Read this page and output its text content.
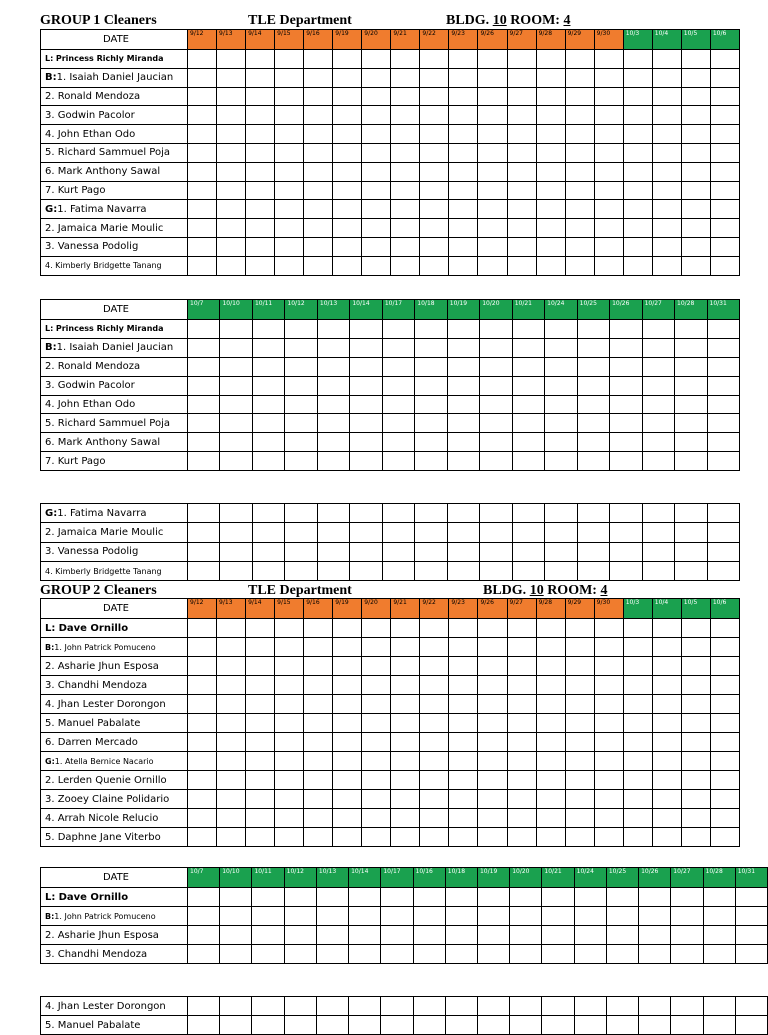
GROUP 1 Cleaners	TLE Department	BLDG. 10 ROOM: 4
DATE	9/12	9/13	9/14	9/15	9/16	9/19	9/20	9/21	9/22	9/23	9/26	9/27	9/28	9/29	9/30	10/3	10/4	10/5	10/6
L: Princess Richly Miranda																			
B:1. Isaiah Daniel Jaucian																			
2. Ronald Mendoza																			
3. Godwin Pacolor																			
4. John Ethan Odo																			
5. Richard Sammuel Poja																			
6. Mark Anthony Sawal																			
7. Kurt Pago																			
G:1. Fatima Navarra																			
2. Jamaica Marie Moulic																			
3. Vanessa Podolig																			
4. Kimberly Bridgette Tanang																			
DATE	10/7	10/10	10/11	10/12	10/13	10/14	10/17	10/18	10/19	10/20	10/21	10/24	10/25	10/26	10/27	10/28	10/31
L: Princess Richly Miranda																	
B:1. Isaiah Daniel Jaucian																	
2. Ronald Mendoza																	
3. Godwin Pacolor																	
4. John Ethan Odo																	
5. Richard Sammuel Poja																	
6. Mark Anthony Sawal																	
7. Kurt Pago																	
G:1. Fatima Navarra																	
2. Jamaica Marie Moulic																	
3. Vanessa Podolig																	
4. Kimberly Bridgette Tanang																	
GROUP 2 Cleaners	TLE Department	BLDG. 10 ROOM: 4
DATE	9/12	9/13	9/14	9/15	9/16	9/19	9/20	9/21	9/22	9/23	9/26	9/27	9/28	9/29	9/30	10/3	10/4	10/5	10/6
L: Dave Ornillo																			
B:1. John Patrick Pomuceno																			
2. Asharie Jhun Esposa																			
3. Chandhi Mendoza																			
4. Jhan Lester Dorongon																			
5. Manuel Pabalate																			
6. Darren Mercado																			
G:1. Atella Bernice Nacario																			
2. Lerden Quenie Ornillo																			
3. Zooey Claine Polidario																			
4. Arrah Nicole Relucio																			
5. Daphne Jane Viterbo																			
DATE	10/7	10/10	10/11	10/12	10/13	10/14	10/17	10/16	10/18	10/19	10/20	10/21	10/24	10/25	10/26	10/27	10/28	10/31
L: Dave Ornillo																		
B:1. John Patrick Pomuceno																		
2. Asharie Jhun Esposa																		
3. Chandhi Mendoza																		
4. Jhan Lester Dorongon																		
5. Manuel Pabalate																		
